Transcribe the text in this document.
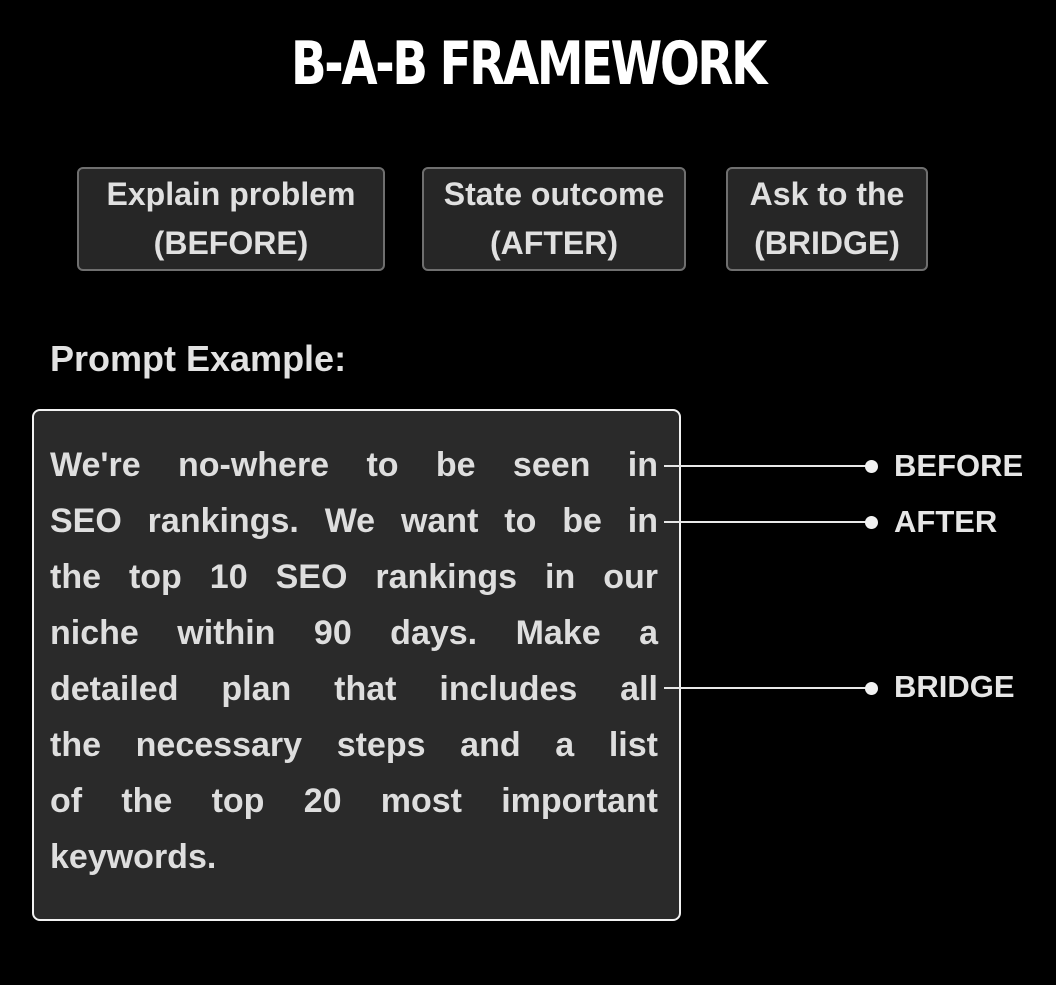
B-A-B FRAMEWORK
Explain problem
(BEFORE)
State outcome
(AFTER)
Ask to the
(BRIDGE)
Prompt Example:
We're no-where to be seen in
SEO rankings. We want to be in
the top 10 SEO rankings in our
niche within 90 days. Make a
detailed plan that includes all
the necessary steps and a list
of the top 20 most important
keywords.
BEFORE
AFTER
BRIDGE
